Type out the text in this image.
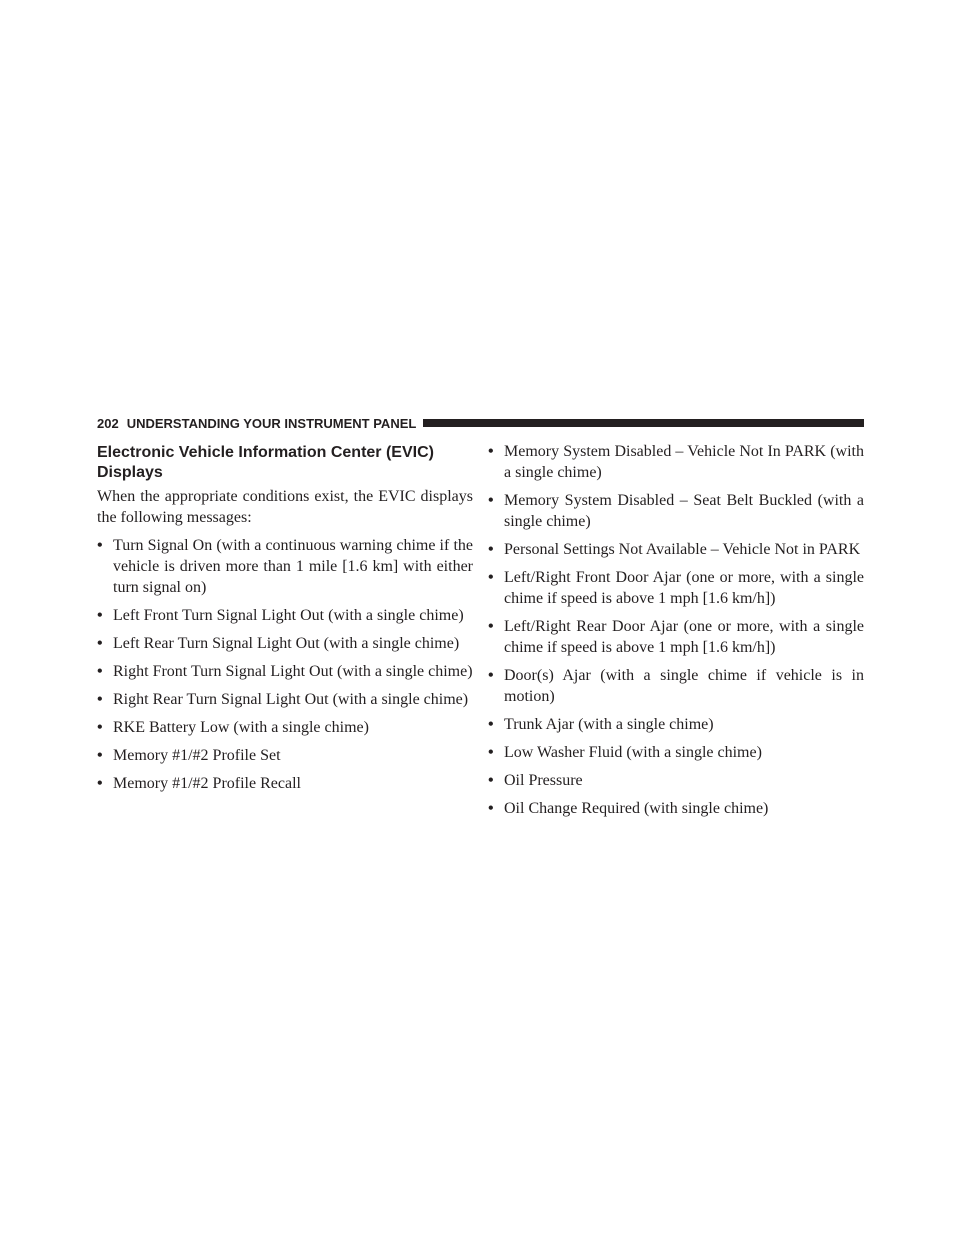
202 UNDERSTANDING YOUR INSTRUMENT PANEL
Electronic Vehicle Information Center (EVIC) Displays

When the appropriate conditions exist, the EVIC displays the following messages:

• Turn Signal On (with a continuous warning chime if the vehicle is driven more than 1 mile [1.6 km] with either turn signal on)
• Left Front Turn Signal Light Out (with a single chime)
• Left Rear Turn Signal Light Out (with a single chime)
• Right Front Turn Signal Light Out (with a single chime)
• Right Rear Turn Signal Light Out (with a single chime)
• RKE Battery Low (with a single chime)
• Memory #1/#2 Profile Set
• Memory #1/#2 Profile Recall
• Memory System Disabled – Vehicle Not In PARK (with a single chime)
• Memory System Disabled – Seat Belt Buckled (with a single chime)
• Personal Settings Not Available – Vehicle Not in PARK
• Left/Right Front Door Ajar (one or more, with a single chime if speed is above 1 mph [1.6 km/h])
• Left/Right Rear Door Ajar (one or more, with a single chime if speed is above 1 mph [1.6 km/h])
• Door(s) Ajar (with a single chime if vehicle is in motion)
• Trunk Ajar (with a single chime)
• Low Washer Fluid (with a single chime)
• Oil Pressure
• Oil Change Required (with single chime)
